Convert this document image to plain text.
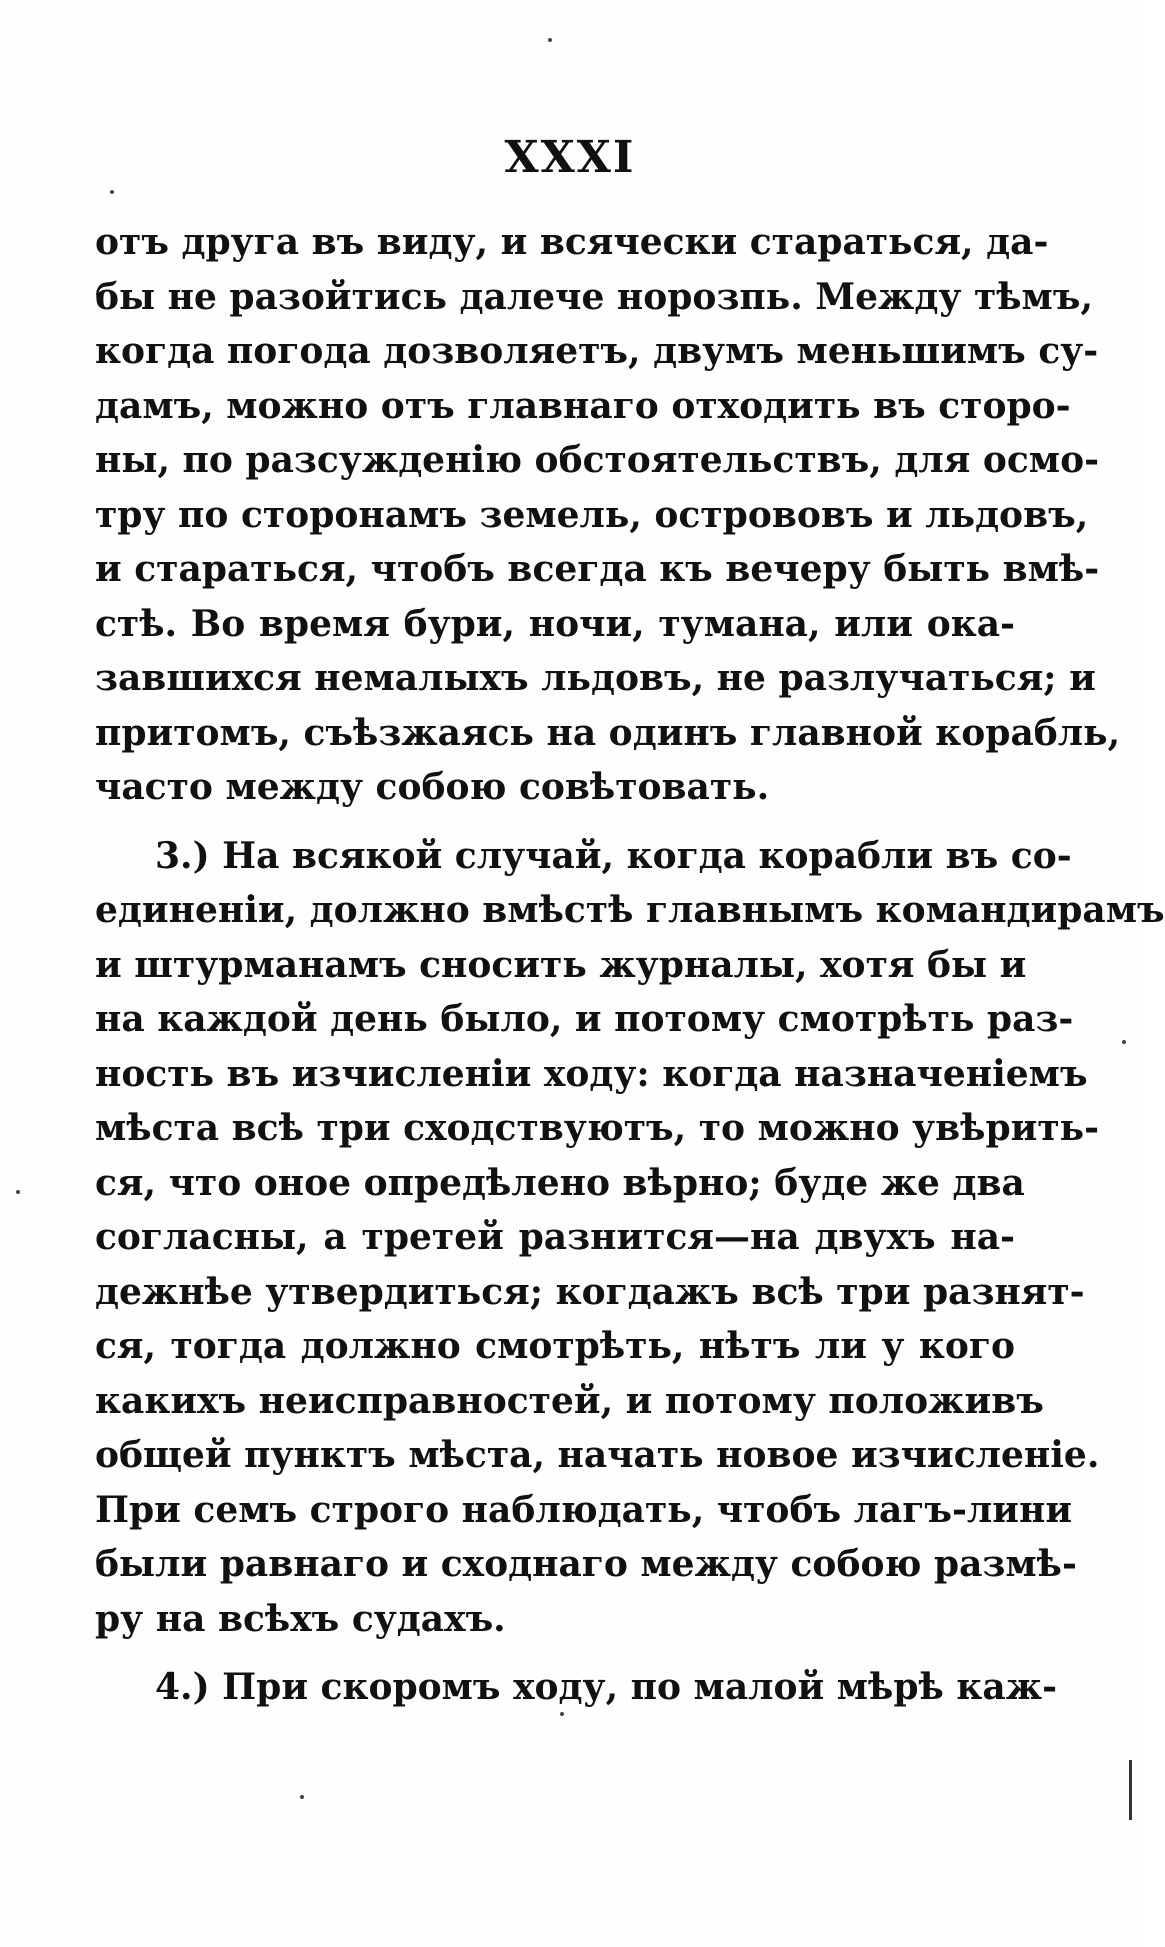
XXXI
отъ друга въ виду, и всячески стараться, да-
бы не разойтись далече норозпь. Между тѣмъ,
когда погода дозволяетъ, двумъ меньшимъ су-
дамъ, можно отъ главнаго отходить въ сторо-
ны, по разсужденію обстоятельствъ, для осмо-
тру по сторонамъ земель, острововъ и льдовъ,
и стараться, чтобъ всегда къ вечеру быть вмѣ-
стѣ. Во время бури, ночи, тумана, или ока-
завшихся немалыхъ льдовъ, не разлучаться; и
притомъ, съѣзжаясь на одинъ главной корабль,
часто между собою совѣтовать.
3.) На всякой случай, когда корабли въ со-
единеніи, должно вмѣстѣ главнымъ командирамъ
и штурманамъ сносить журналы, хотя бы и
на каждой день было, и потому смотрѣть раз-
ность въ изчисленіи ходу: когда назначеніемъ
мѣста всѣ три сходствуютъ, то можно увѣрить-
ся, что оное опредѣлено вѣрно; буде же два
согласны, а третей разнится—на двухъ на-
дежнѣе утвердиться; когдажъ всѣ три разнят-
ся, тогда должно смотрѣть, нѣтъ ли у кого
какихъ неисправностей, и потому положивъ
общей пунктъ мѣста, начать новое изчисленіе.
При семъ строго наблюдать, чтобъ лагъ-лини
были равнаго и сходнаго между собою размѣ-
ру на всѣхъ судахъ.
4.) При скоромъ ходу, по малой мѣрѣ каж-
